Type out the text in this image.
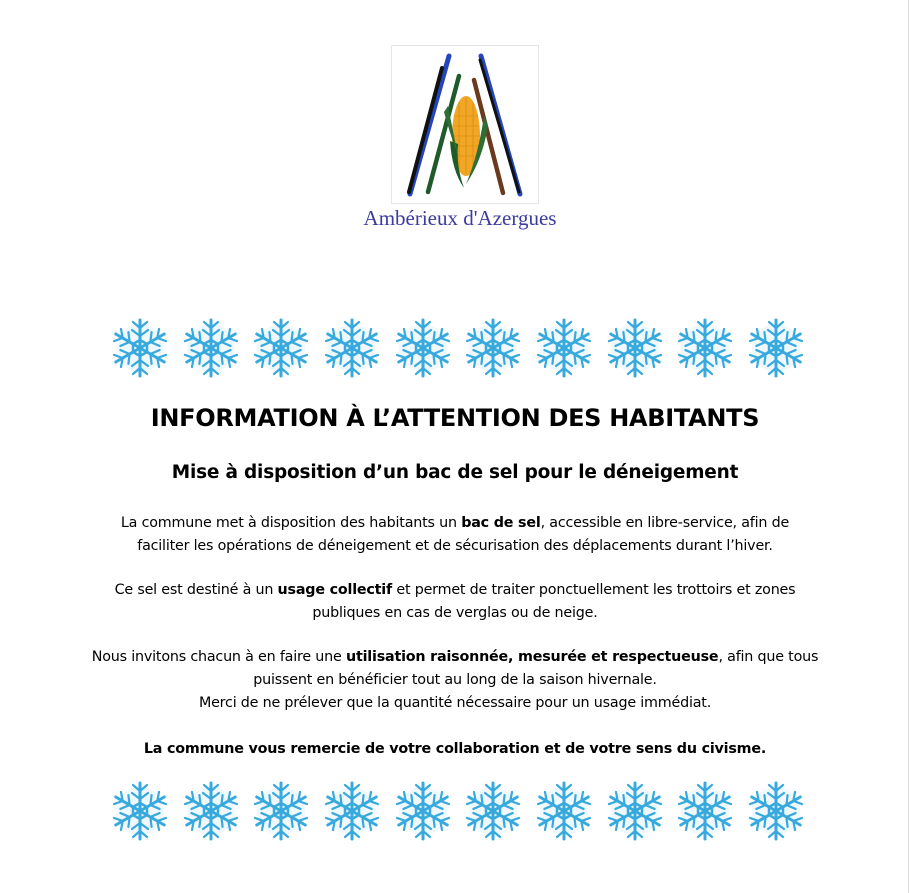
Ambérieux d'Azergues
INFORMATION À L’ATTENTION DES HABITANTS
Mise à disposition d’un bac de sel pour le déneigement
La commune met à disposition des habitants un bac de sel, accessible en libre-service, afin de
faciliter les opérations de déneigement et de sécurisation des déplacements durant l’hiver.
Ce sel est destiné à un usage collectif et permet de traiter ponctuellement les trottoirs et zones
publiques en cas de verglas ou de neige.
Nous invitons chacun à en faire une utilisation raisonnée, mesurée et respectueuse, afin que tous
puissent en bénéficier tout au long de la saison hivernale.
Merci de ne prélever que la quantité nécessaire pour un usage immédiat.
La commune vous remercie de votre collaboration et de votre sens du civisme.
